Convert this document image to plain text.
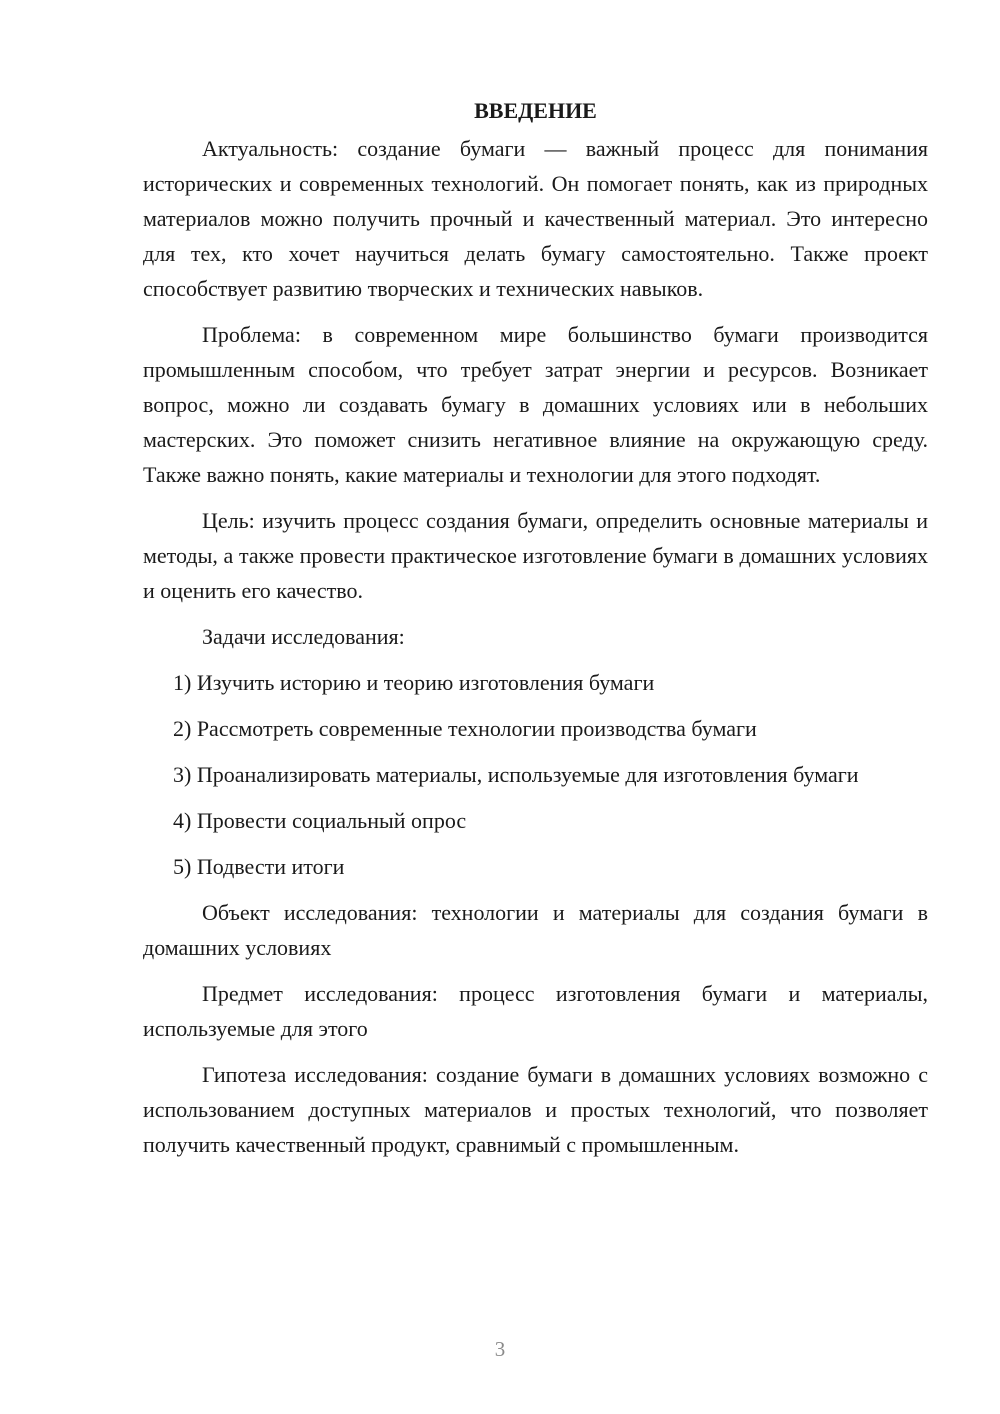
ВВЕДЕНИЕ

Актуальность: создание бумаги — важный процесс для понимания исторических и современных технологий. Он помогает понять, как из природных материалов можно получить прочный и качественный материал. Это интересно для тех, кто хочет научиться делать бумагу самостоятельно. Также проект способствует развитию творческих и технических навыков.

Проблема: в современном мире большинство бумаги производится промышленным способом, что требует затрат энергии и ресурсов. Возникает вопрос, можно ли создавать бумагу в домашних условиях или в небольших мастерских. Это поможет снизить негативное влияние на окружающую среду. Также важно понять, какие материалы и технологии для этого подходят.

Цель: изучить процесс создания бумаги, определить основные материалы и методы, а также провести практическое изготовление бумаги в домашних условиях и оценить его качество.

Задачи исследования:

1) Изучить историю и теорию изготовления бумаги

2) Рассмотреть современные технологии производства бумаги

3) Проанализировать материалы, используемые для изготовления бумаги

4) Провести социальный опрос

5) Подвести итоги

Объект исследования: технологии и материалы для создания бумаги в домашних условиях

Предмет исследования: процесс изготовления бумаги и материалы, используемые для этого

Гипотеза исследования: создание бумаги в домашних условиях возможно с использованием доступных материалов и простых технологий, что позволяет получить качественный продукт, сравнимый с промышленным.

3
